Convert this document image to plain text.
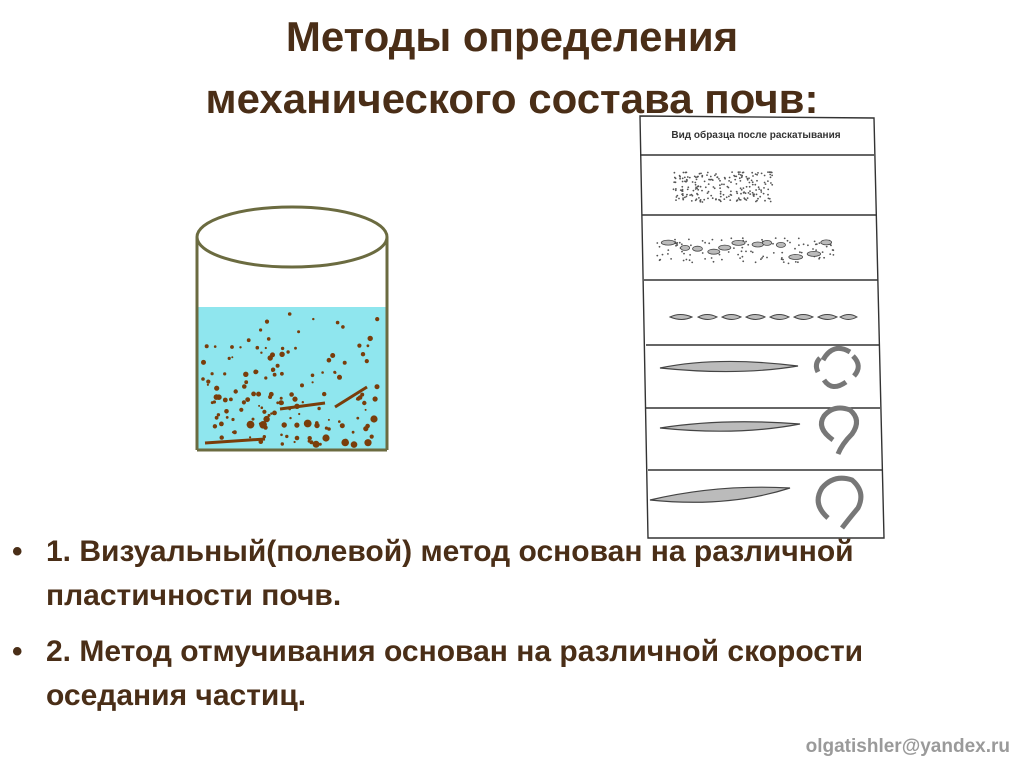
Методы определения
механического состава почв:
Вид образца после раскатывания
• 1. Визуальный(полевой) метод основан на различной пластичности почв.
• 2. Метод отмучивания основан на различной скорости оседания частиц.
olgatishler@yandex.ru
